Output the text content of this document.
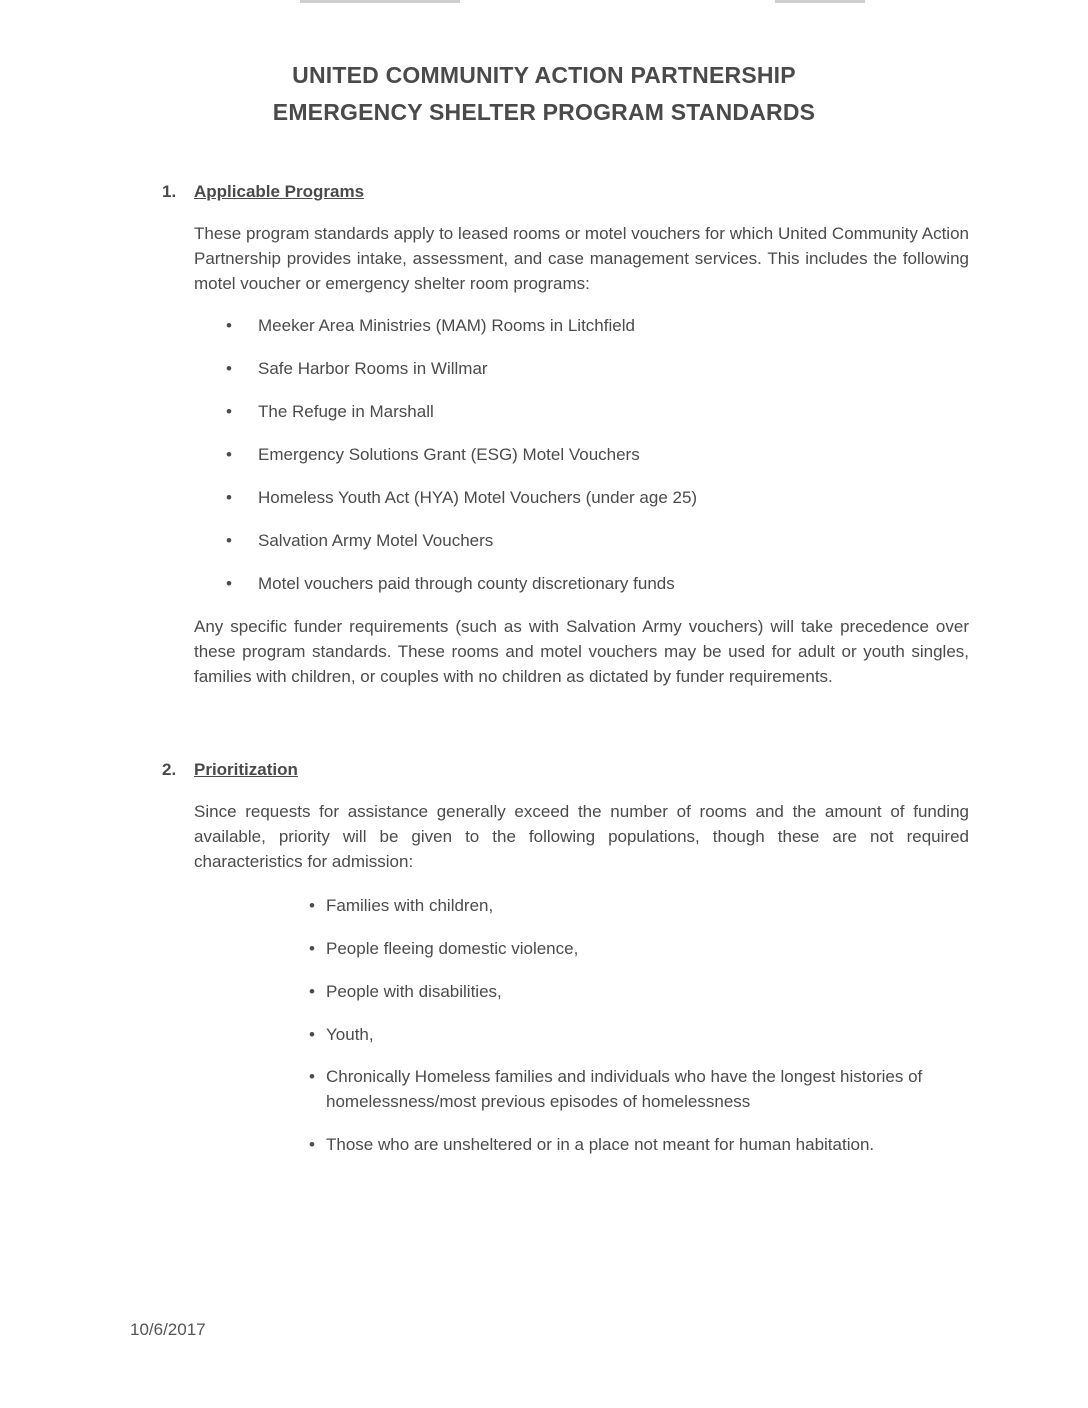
UNITED COMMUNITY ACTION PARTNERSHIP
EMERGENCY SHELTER PROGRAM STANDARDS
1. Applicable Programs

These program standards apply to leased rooms or motel vouchers for which United Community Action Partnership provides intake, assessment, and case management services. This includes the following motel voucher or emergency shelter room programs:

• Meeker Area Ministries (MAM) Rooms in Litchfield
• Safe Harbor Rooms in Willmar
• The Refuge in Marshall
• Emergency Solutions Grant (ESG) Motel Vouchers
• Homeless Youth Act (HYA) Motel Vouchers (under age 25)
• Salvation Army Motel Vouchers
• Motel vouchers paid through county discretionary funds

Any specific funder requirements (such as with Salvation Army vouchers) will take precedence over these program standards. These rooms and motel vouchers may be used for adult or youth singles, families with children, or couples with no children as dictated by funder requirements.

2. Prioritization

Since requests for assistance generally exceed the number of rooms and the amount of funding available, priority will be given to the following populations, though these are not required characteristics for admission:

• Families with children,
• People fleeing domestic violence,
• People with disabilities,
• Youth,
• Chronically Homeless families and individuals who have the longest histories of homelessness/most previous episodes of homelessness
• Those who are unsheltered or in a place not meant for human habitation.
10/6/2017
